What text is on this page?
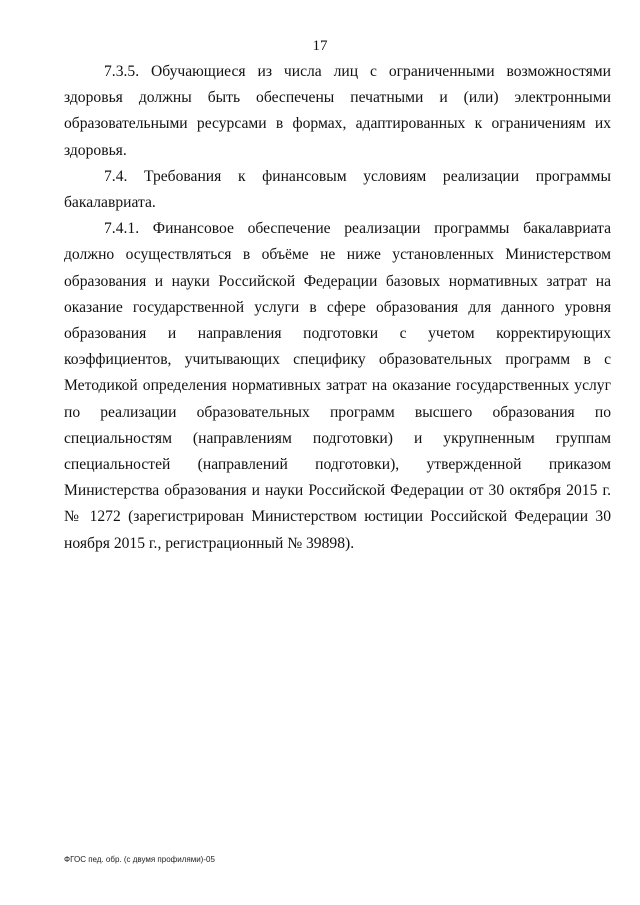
17

7.3.5. Обучающиеся из числа лиц с ограниченными возможностями здоровья должны быть обеспечены печатными и (или) электронными образовательными ресурсами в формах, адаптированных к ограничениям их здоровья.

7.4. Требования к финансовым условиям реализации программы бакалавриата.

7.4.1. Финансовое обеспечение реализации программы бакалавриата должно осуществляться в объёме не ниже установленных Министерством образования и науки Российской Федерации базовых нормативных затрат на оказание государственной услуги в сфере образования для данного уровня образования и направления подготовки с учетом корректирующих коэффициентов, учитывающих специфику образовательных программ в с Методикой определения нормативных затрат на оказание государственных услуг по реализации образовательных программ высшего образования по специальностям (направлениям подготовки) и укрупненным группам специальностей (направлений подготовки), утвержденной приказом Министерства образования и науки Российской Федерации от 30 октября 2015 г. № 1272 (зарегистрирован Министерством юстиции Российской Федерации 30 ноября 2015 г., регистрационный № 39898).

ФГОС пед. обр. (с двумя профилями)-05
